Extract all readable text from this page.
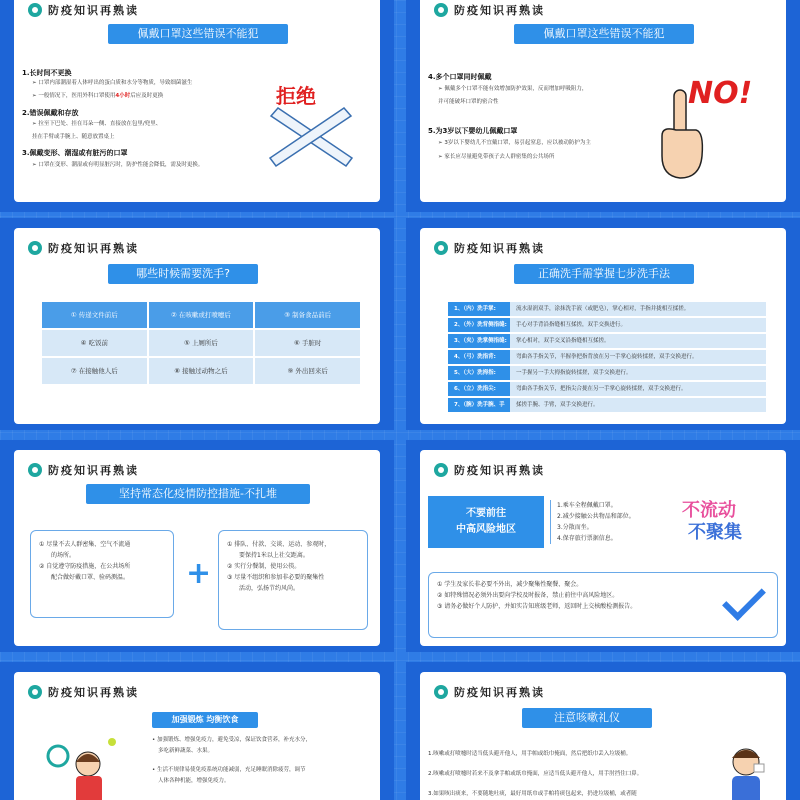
防疫知识再熟读
佩戴口罩这些错误不能犯
1.长时间不更换
➢ 口罩内部潮湿着人体呼出的蛋白质和水分等物质，导致细菌滋生
➢ 一般情况下，医用外科口罩使用4小时后应及时更换
2.错误佩戴和存放
➢ 拉至下巴处、挂在耳朵一侧、直接放在包里/兜里、
挂在手臂或手腕上、随意放置桌上
3.佩戴变形、潮湿或有脏污的口罩
➢ 口罩在变形、潮湿或有明显脏污时，防护性能会降低，需及时更换。
拒绝
防疫知识再熟读
佩戴口罩这些错误不能犯
4.多个口罩同时佩戴
➢ 佩戴多个口罩不能有效增加防护效果，反而增加呼吸阻力，
并可能破坏口罩的密合性
5.为3岁以下婴幼儿佩戴口罩
➢ 3岁以下婴幼儿不宜戴口罩，易引起窒息，应以被动防护为主
➢ 家长应尽量避免带孩子去人群密集的公共场所
NO!
防疫知识再熟读
哪些时候需要洗手?
① 传递文件前后	② 在咳嗽或打喷嚏后	③ 制备食品前后
④ 吃饭前	⑤ 上厕所后	⑥ 手脏时
⑦ 在接触他人后	⑧ 接触过动物之后	⑨ 外出回来后
防疫知识再熟读
正确洗手需掌握七步洗手法
1、（内）洗手掌:	流水湿润双手，涂抹洗手液（或肥皂），掌心相对，手指并拢相互揉搓。
2、（外）洗背侧指缝:	手心对手背沿指缝相互揉搓，双手交换进行。
3、（夹）洗掌侧指缝:	掌心相对，双手交叉沿指缝相互揉搓。
4、（弓）洗指背:	弯曲各手指关节，半握拳把指背放在另一手掌心旋转揉搓，双手交换进行。
5、（大）洗拇指:	一手握另一手大拇指旋转揉搓，双手交换进行。
6、（立）洗指尖:	弯曲各手指关节，把指尖合拢在另一手掌心旋转揉搓，双手交换进行。
7、（腕）洗手腕、手臂:
揉搓手腕、手臂，双手交换进行。
防疫知识再熟读
坚持常态化疫情防控措施-不扎堆
① 尽量不去人群密集、空气不流通
的场所。
② 自觉遵守防疫措施，在公共场所
配合做好戴口罩、验码测温。	+
① 排队、付款、交谈、运动、参观时，
要保持1米以上社交距离。
② 实行分餐制，使用公筷。
③ 尽量不组织和参加非必要的聚集性
活动，弘扬节约风尚。
防疫知识再熟读
不要前往
中高风险地区
1.乘车全程佩戴口罩。
2.减少接触公共物品和部位。
3.分散而坐。
4.保存旅行票据信息。
不流动
不聚集
① 学生及家长非必要不外出，减少聚集性聚餐、聚会。
② 如特殊情况必须外出要向学校及时报备，禁止前往中高风险地区。
③ 请务必做好个人防护，并如实告知班级老师，返回时上交核酸检测报告。
防疫知识再熟读
加强锻炼 均衡饮食
• 加强锻炼、增强免疫力，避免受凉，保证饮食营养，补充水分，
多吃新鲜蔬菜、水果。
• 生活不规律易使免疫系统功能减弱，充足睡眠消除疲劳，调节
人体各种机能，增强免疫力。
防疫知识再熟读
注意咳嗽礼仪
1.咳嗽或打喷嚏时适当低头避开他人，用手帕或纸巾掩面，然后把纸巾丢入垃圾桶。
2.咳嗽或打喷嚏时若来不及拿手帕或纸巾掩面，应适当低头避开他人，用手肘挡住口鼻。
3.如果咳出痰来，不要随地吐痰，最好用纸巾或手帕将痰包起来，扔进垃圾桶，或者随
